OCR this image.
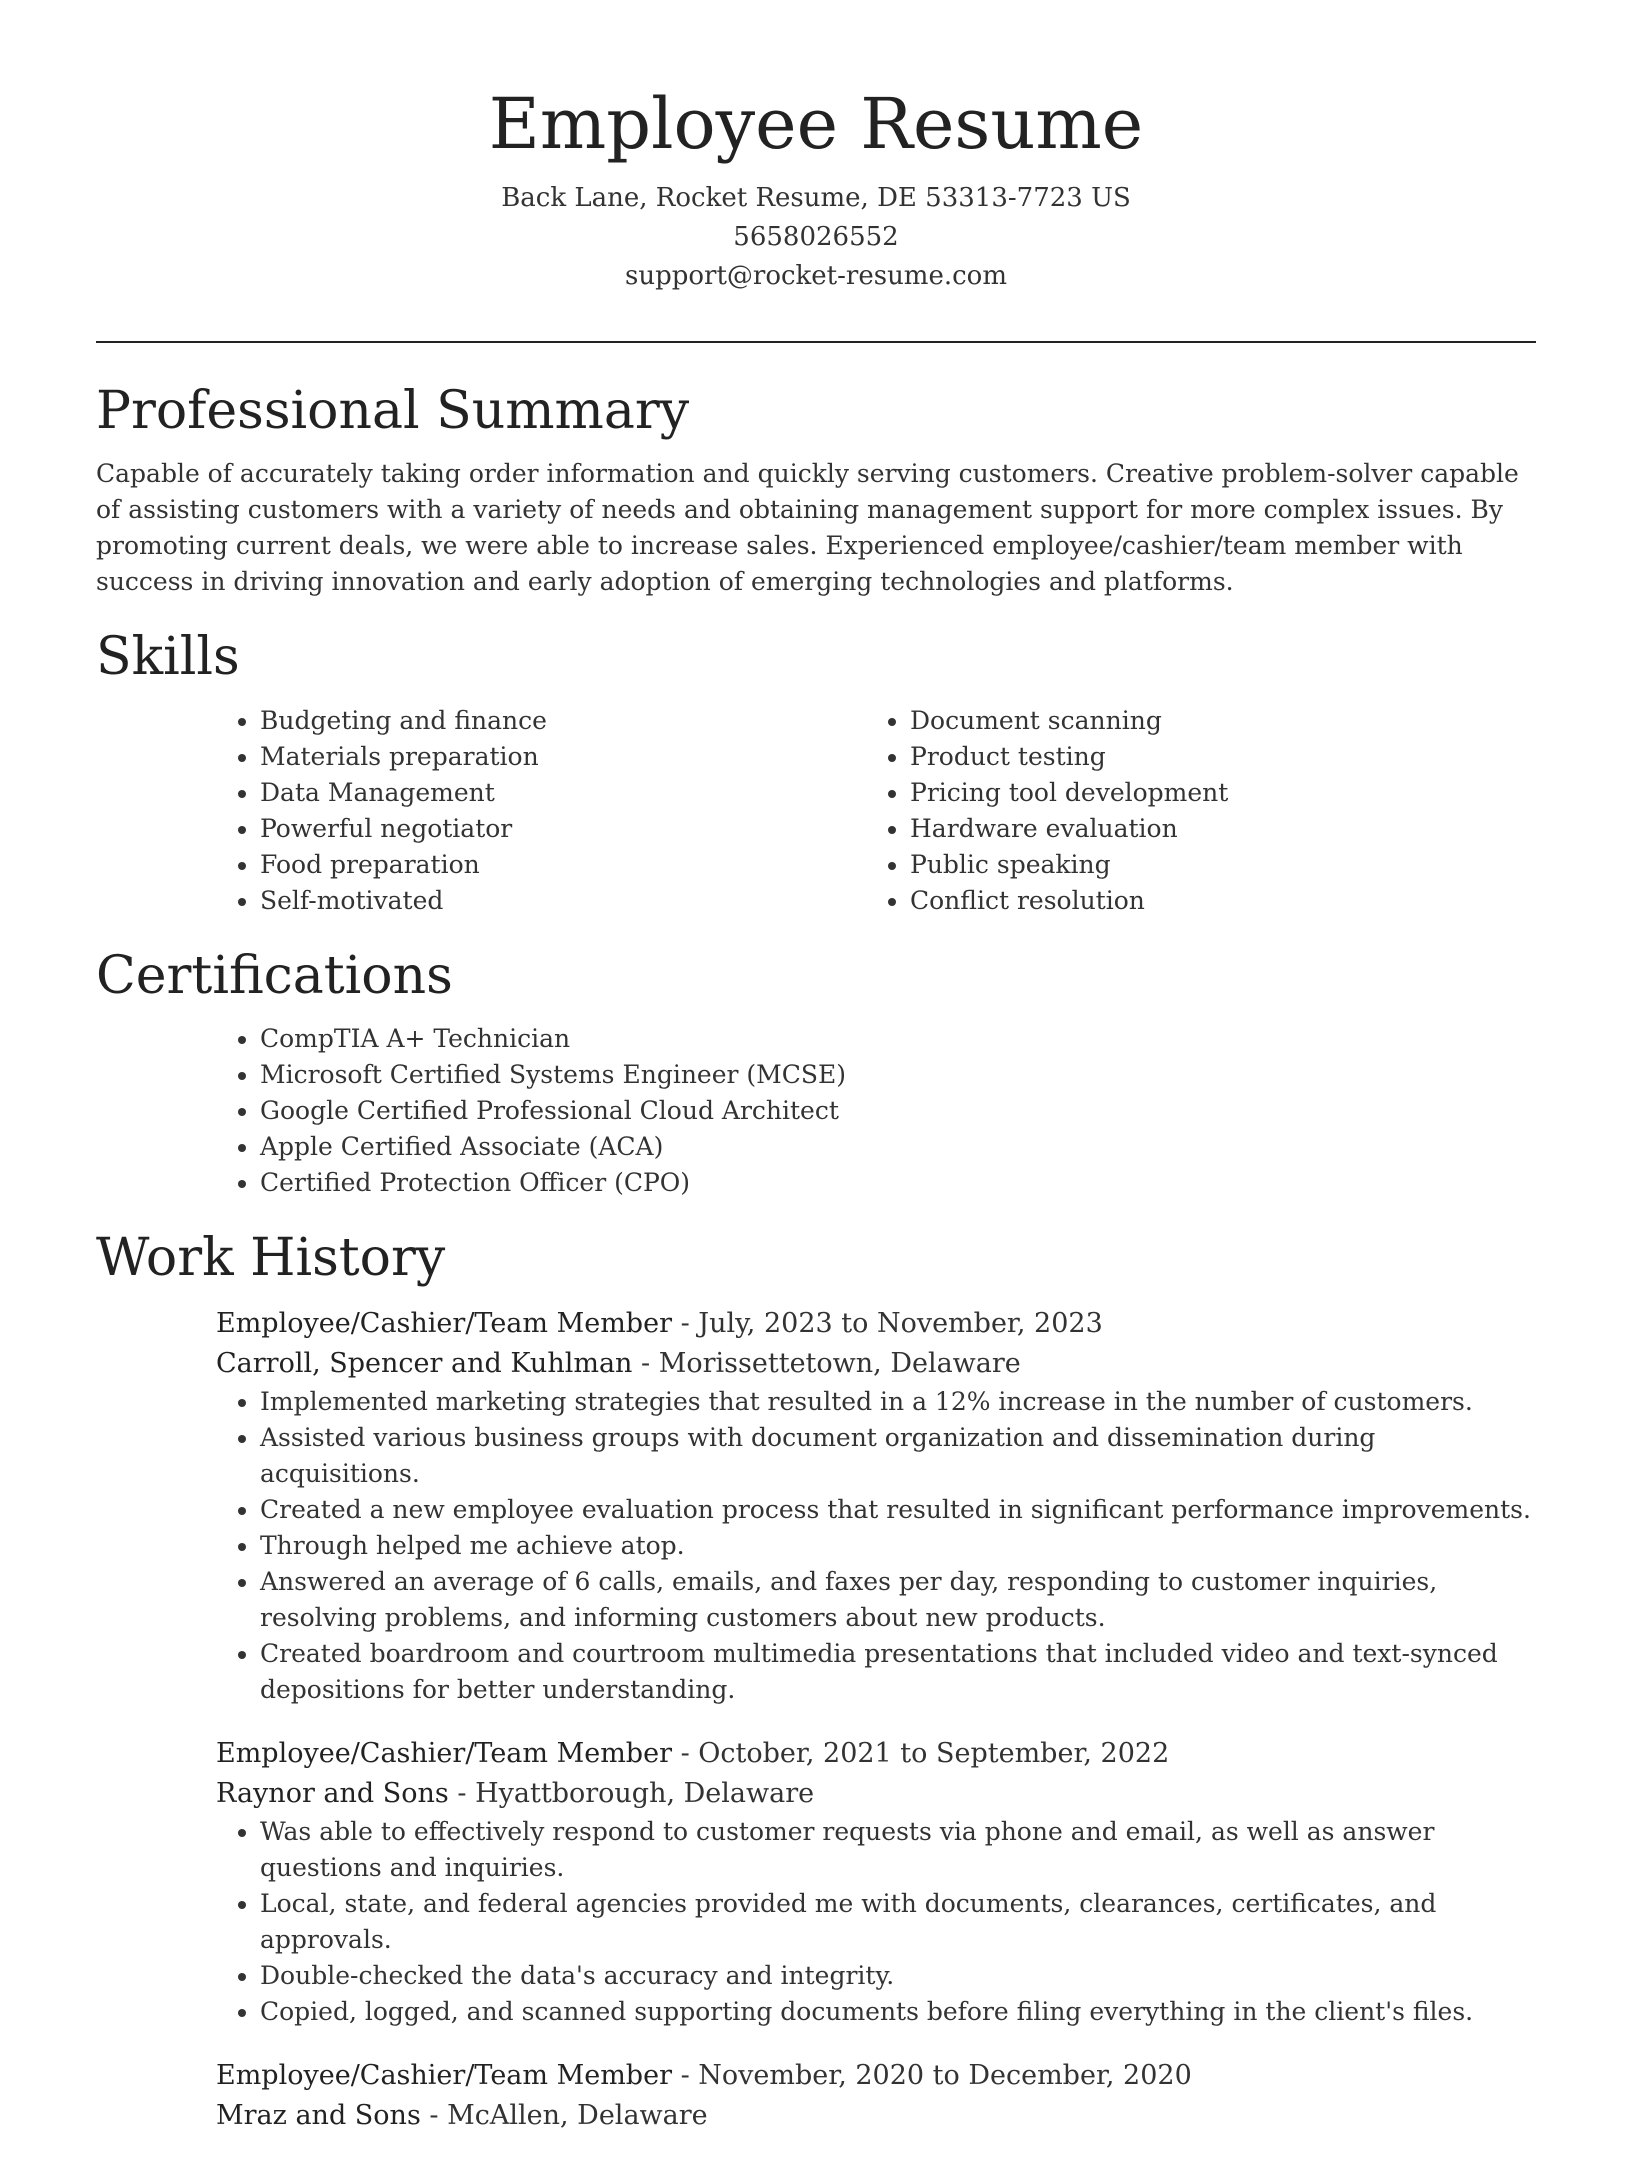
Employee Resume
Back Lane, Rocket Resume, DE 53313-7723 US
5658026552
support@rocket-resume.com
Professional Summary

Capable of accurately taking order information and quickly serving customers. Creative problem-solver capable of assisting customers with a variety of needs and obtaining management support for more complex issues. By promoting current deals, we were able to increase sales. Experienced employee/cashier/team member with success in driving innovation and early adoption of emerging technologies and platforms.

Skills
• Budgeting and finance
• Materials preparation
• Data Management
• Powerful negotiator
• Food preparation
• Self-motivated
• Document scanning
• Product testing
• Pricing tool development
• Hardware evaluation
• Public speaking
• Conflict resolution
Certifications
• CompTIA A+ Technician
• Microsoft Certified Systems Engineer (MCSE)
• Google Certified Professional Cloud Architect
• Apple Certified Associate (ACA)
• Certified Protection Officer (CPO)
Work History
Employee/Cashier/Team Member - July, 2023 to November, 2023
Carroll, Spencer and Kuhlman - Morissettetown, Delaware
• Implemented marketing strategies that resulted in a 12% increase in the number of customers.
• Assisted various business groups with document organization and dissemination during acquisitions.
• Created a new employee evaluation process that resulted in significant performance improvements.
• Through helped me achieve atop.
• Answered an average of 6 calls, emails, and faxes per day, responding to customer inquiries, resolving problems, and informing customers about new products.
• Created boardroom and courtroom multimedia presentations that included video and text-synced depositions for better understanding.
Employee/Cashier/Team Member - October, 2021 to September, 2022
Raynor and Sons - Hyattborough, Delaware
• Was able to effectively respond to customer requests via phone and email, as well as answer questions and inquiries.
• Local, state, and federal agencies provided me with documents, clearances, certificates, and approvals.
• Double-checked the data's accuracy and integrity.
• Copied, logged, and scanned supporting documents before filing everything in the client's files.
Employee/Cashier/Team Member - November, 2020 to December, 2020
Mraz and Sons - McAllen, Delaware
